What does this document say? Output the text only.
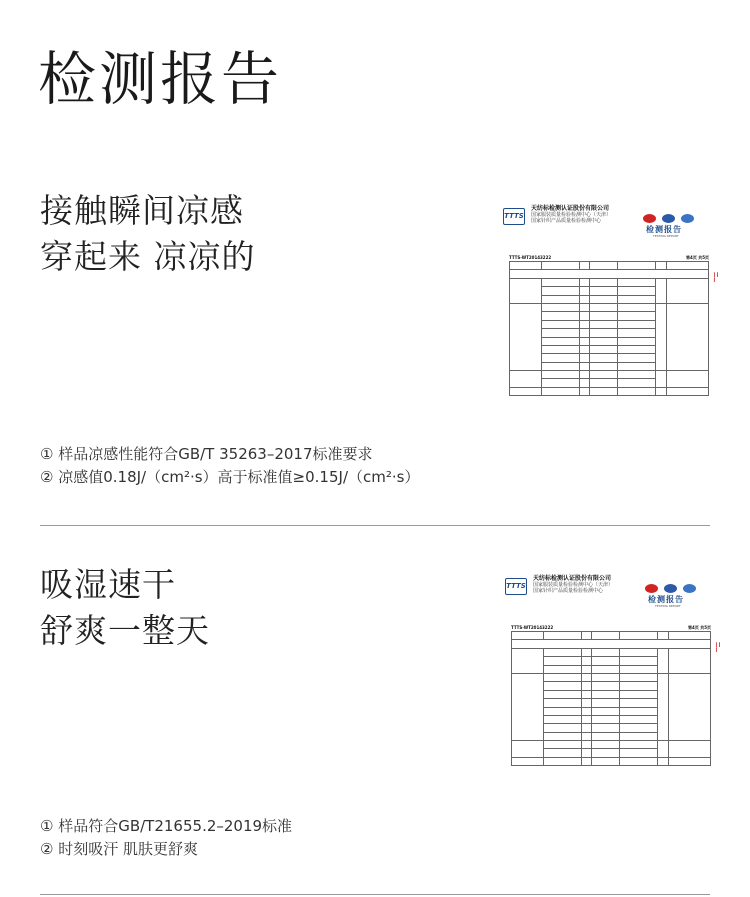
检测报告
接触瞬间凉感
穿起来 凉凉的
TTTS
天纺标检测认证股份有限公司
国家服装质量检验检测中心（天津）
国家针织产品质量检验检测中心

检测报告
TESTING REPORT
TTTS-WT20143222	第4页 共5页

▎▎ ▎
① 样品凉感性能符合GB/T 35263–2017标准要求
② 凉感值0.18J/（cm²·s）高于标准值≥0.15J/（cm²·s）
吸湿速干
舒爽一整天
TTTS
天纺标检测认证股份有限公司
国家服装质量检验检测中心（天津）
国家针织产品质量检验检测中心

检测报告
TESTING REPORT
TTTS-WT20143222	第4页 共5页

▎▎ ▎
① 样品符合GB/T21655.2–2019标准
② 时刻吸汗 肌肤更舒爽
